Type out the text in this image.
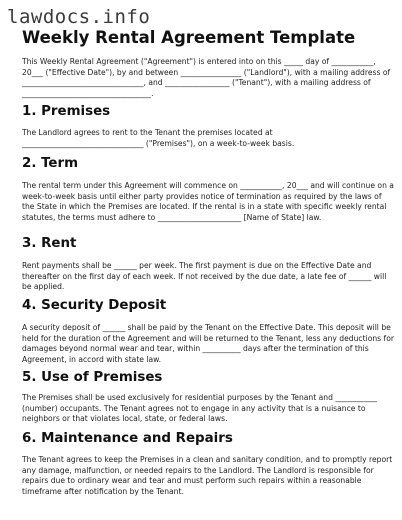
lawdocs.info
Weekly Rental Agreement Template

This Weekly Rental Agreement ("Agreement") is entered into on this _____ day of ___________, 20___ ("Effective Date"), by and between ________________ ("Landlord"), with a mailing address of ________________________________, and _________________ ("Tenant"), with a mailing address of __________________________________.

1. Premises

The Landlord agrees to rent to the Tenant the premises located at ________________________________ ("Premises"), on a week-to-week basis.

2. Term

The rental term under this Agreement will commence on ___________, 20___ and will continue on a week-to-week basis until either party provides notice of termination as required by the laws of the State in which the Premises are located. If the rental is in a state with specific weekly rental statutes, the terms must adhere to ______________________ [Name of State] law.

3. Rent

Rent payments shall be ______ per week. The first payment is due on the Effective Date and thereafter on the first day of each week. If not received by the due date, a late fee of ______ will be applied.

4. Security Deposit

A security deposit of ______ shall be paid by the Tenant on the Effective Date. This deposit will be held for the duration of the Agreement and will be returned to the Tenant, less any deductions for damages beyond normal wear and tear, within __________ days after the termination of this Agreement, in accord with state law.

5. Use of Premises

The Premises shall be used exclusively for residential purposes by the Tenant and ___________ (number) occupants. The Tenant agrees not to engage in any activity that is a nuisance to neighbors or that violates local, state, or federal laws.

6. Maintenance and Repairs

The Tenant agrees to keep the Premises in a clean and sanitary condition, and to promptly report any damage, malfunction, or needed repairs to the Landlord. The Landlord is responsible for repairs due to ordinary wear and tear and must perform such repairs within a reasonable timeframe after notification by the Tenant.
